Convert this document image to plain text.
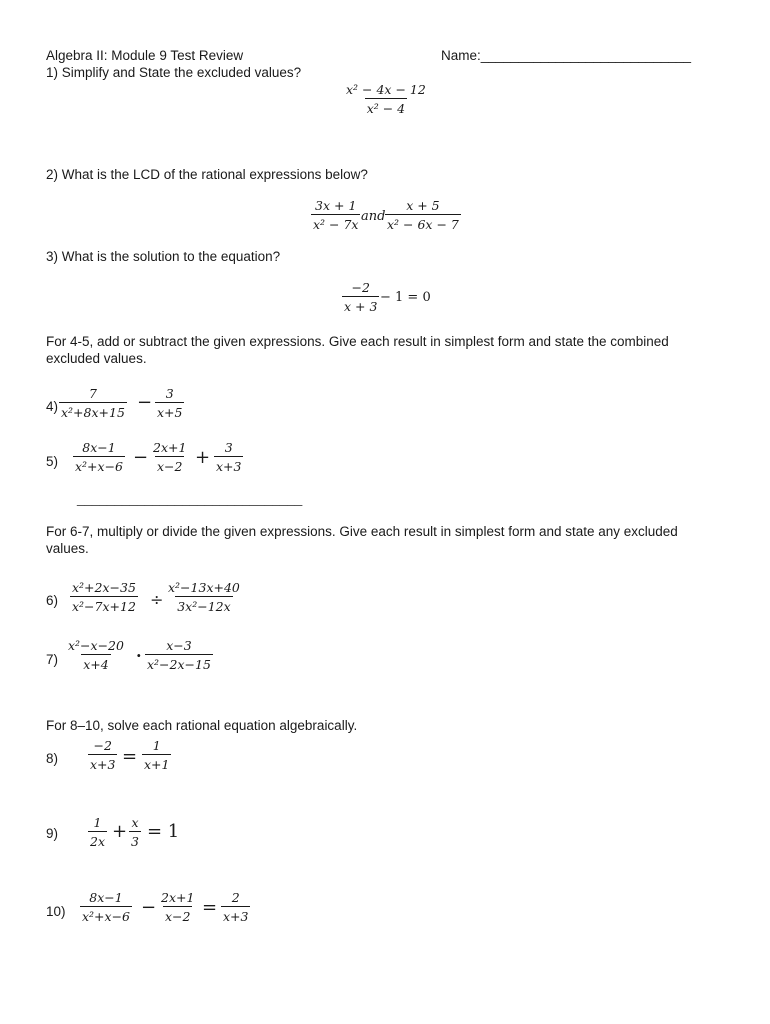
Algebra II: Module 9 Test Review	Name:____________________________
1) Simplify and State the excluded values?
$\frac{\text{x² − 4x − 12}}{\text{x² − 4}}$
2) What is the LCD of the rational expressions below?
$\frac{3x + 1}{\text{x² − 7x}}$ and $\frac{x + 5}{\text{x² − 6x − 7}}$
3) What is the solution to the equation?
$\frac{-2}{x + 3} - 1 = 0$
For 4-5, add or subtract the given expressions. Give each result in simplest form and state the combined excluded values.
$4) \frac{7}{\text{x²+8x+15}} - \frac{3}{x+5}$
$5) \frac{8x-1}{\text{x²+x−6}} - \frac{2x+1}{x-2} + \frac{3}{x+3}$
______________________________
For 6-7, multiply or divide the given expressions. Give each result in simplest form and state any excluded values.
$6) \frac{\text{x²+2x−35}}{\text{x²−7x+12}} \div \frac{\text{x²−13x+40}}{\text{3x²−12x}}$
$7) \frac{\text{x²−x−20}}{x+4} \cdot \frac{x-3}{\text{x²−2x−15}}$
For 8–10, solve each rational equation algebraically.
$8) \frac{-2}{x+3} = \frac{1}{x+1}$
$9) \frac{1}{2x} + \frac{x}{3} = 1$
$10) \frac{8x-1}{\text{x²+x−6}} - \frac{2x+1}{x-2} = \frac{2}{x+3}$
